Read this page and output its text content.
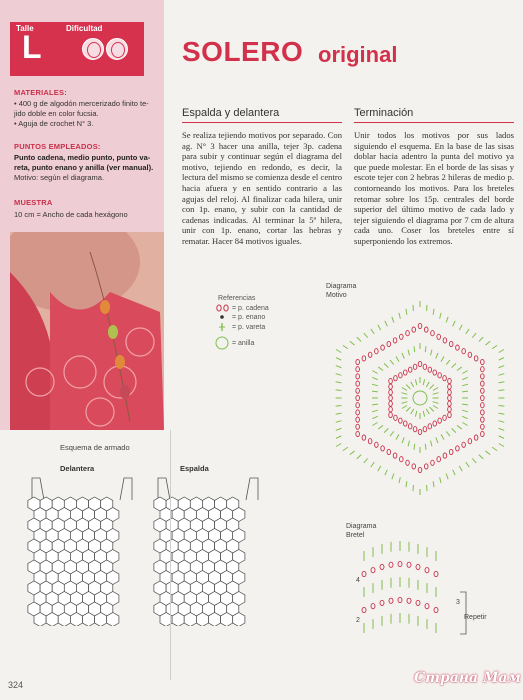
Talle
L
Dificultad
MATERIALES:
• 400 g de algodón mercerizado finito te-
jido doble en color fucsia.
• Aguja de crochet N° 3.
PUNTOS EMPLEADOS:
Punto cadena, medio punto, punto va-
reta, punto enano y anilla (ver manual).
Motivo: según el diagrama.
MUESTRA
10 cm = Ancho de cada hexágono
SOLERO original
Espalda y delantera
Se realiza tejiendo motivos por separado. Con ag. N° 3 hacer una anilla, tejer 3p. cadena para subir y continuar según el diagrama del motivo, tejiendo en redondo, es decir, la lectura del mismo se comienza desde el centro hacia afuera y en sentido contrario a las agujas del reloj. Al finalizar cada hilera, unir con 1p. enano, y subir con la cantidad de cadenas indicadas. Al terminar la 5ª hilera, unir con 1p. enano, cortar las hebras y rematar. Hacer 84 motivos iguales.
Terminación
Unir todos los motivos por sus lados siguiendo el esquema. En la base de las sisas doblar hacia adentro la punta del motivo ya que puede molestar. En el borde de las sisas y escote tejer con 2 hebras 2 hileras de medio p. contorneando los motivos. Para los breteles retomar sobre los 15p. centrales del borde superior del último motivo de cada lado y tejer siguiendo el diagrama por 7 cm de altura cada uno. Coser los breteles entre sí superponiendo los extremos.
Referencias
= p. cadena
= p. enano
= p. vareta
= anilla
Diagrama
Motivo
Diagrama
Bretel
4
2
3
Repetir
Esquema de armado
Delantera	Espalda
324	Страна Мам
